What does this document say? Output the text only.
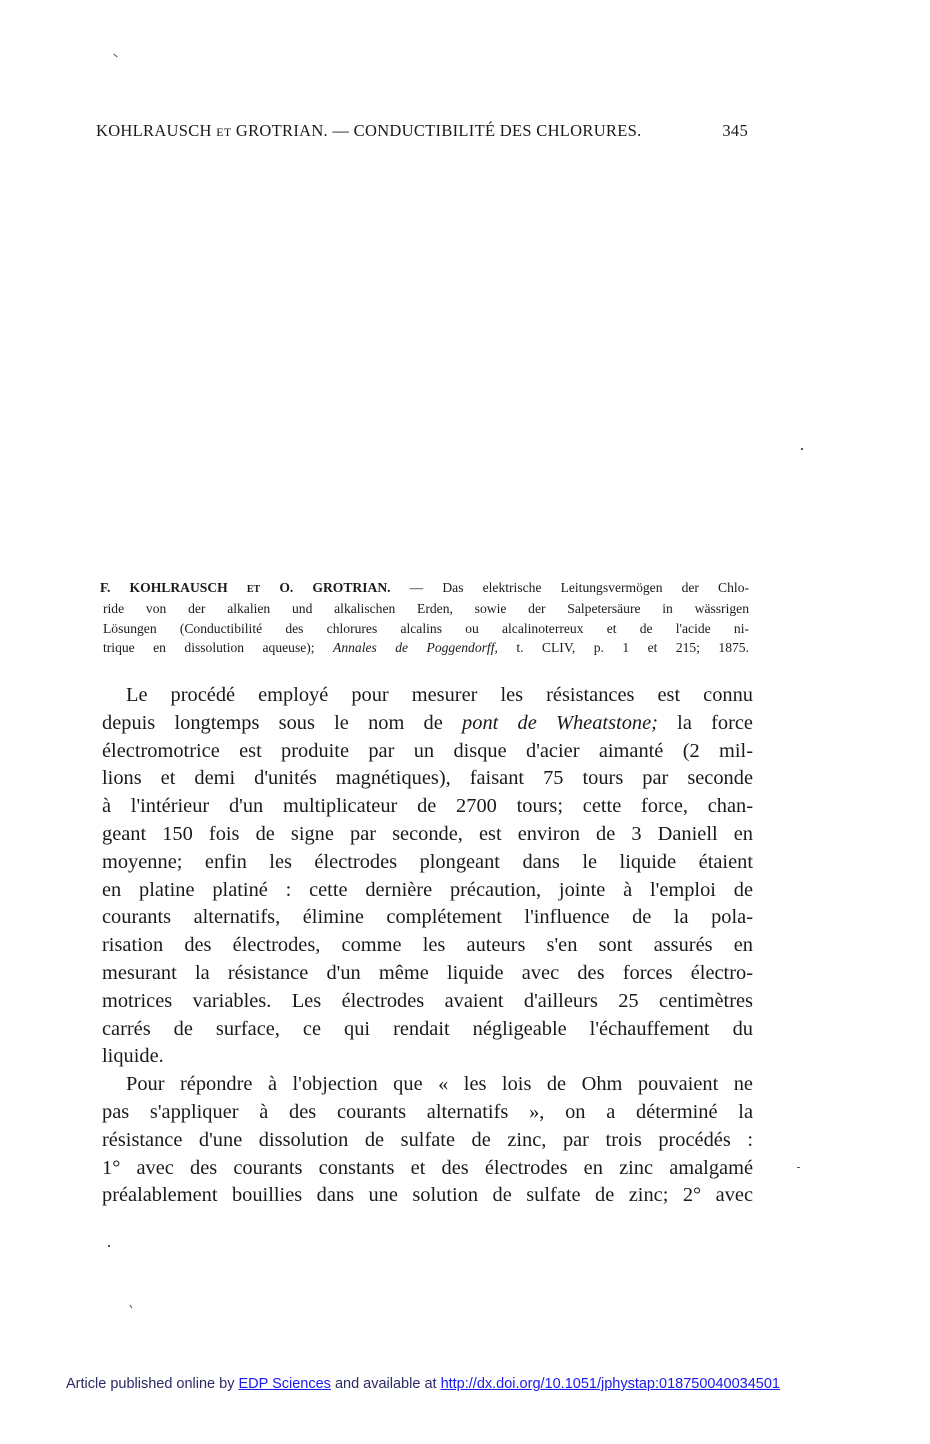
KOHLRAUSCH ET GROTRIAN. — CONDUCTIBILITÉ DES CHLORURES.	345
F. KOHLRAUSCH ET O. GROTRIAN. — Das elektrische Leitungsvermögen der Chlo-
ride von der alkalien und alkalischen Erden, sowie der Salpetersäure in wässrigen
Lösungen (Conductibilité des chlorures alcalins ou alcalinoterreux et de l'acide ni-
trique en dissolution aqueuse); Annales de Poggendorff, t. CLIV, p. 1 et 215; 1875.
Le procédé employé pour mesurer les résistances est connu
depuis longtemps sous le nom de pont de Wheatstone; la force
électromotrice est produite par un disque d'acier aimanté (2 mil-
lions et demi d'unités magnétiques), faisant 75 tours par seconde
à l'intérieur d'un multiplicateur de 2700 tours; cette force, chan-
geant 150 fois de signe par seconde, est environ de 3 Daniell en
moyenne; enfin les électrodes plongeant dans le liquide étaient
en platine platiné : cette dernière précaution, jointe à l'emploi de
courants alternatifs, élimine complétement l'influence de la pola-
risation des électrodes, comme les auteurs s'en sont assurés en
mesurant la résistance d'un même liquide avec des forces électro-
motrices variables. Les électrodes avaient d'ailleurs 25 centimètres
carrés de surface, ce qui rendait négligeable l'échauffement du
liquide.
Pour répondre à l'objection que « les lois de Ohm pouvaient ne
pas s'appliquer à des courants alternatifs », on a déterminé la
résistance d'une dissolution de sulfate de zinc, par trois procédés :
1° avec des courants constants et des électrodes en zinc amalgamé
préalablement bouillies dans une solution de sulfate de zinc; 2° avec
Article published online by EDP Sciences and available at http://dx.doi.org/10.1051/jphystap:018750040034501
